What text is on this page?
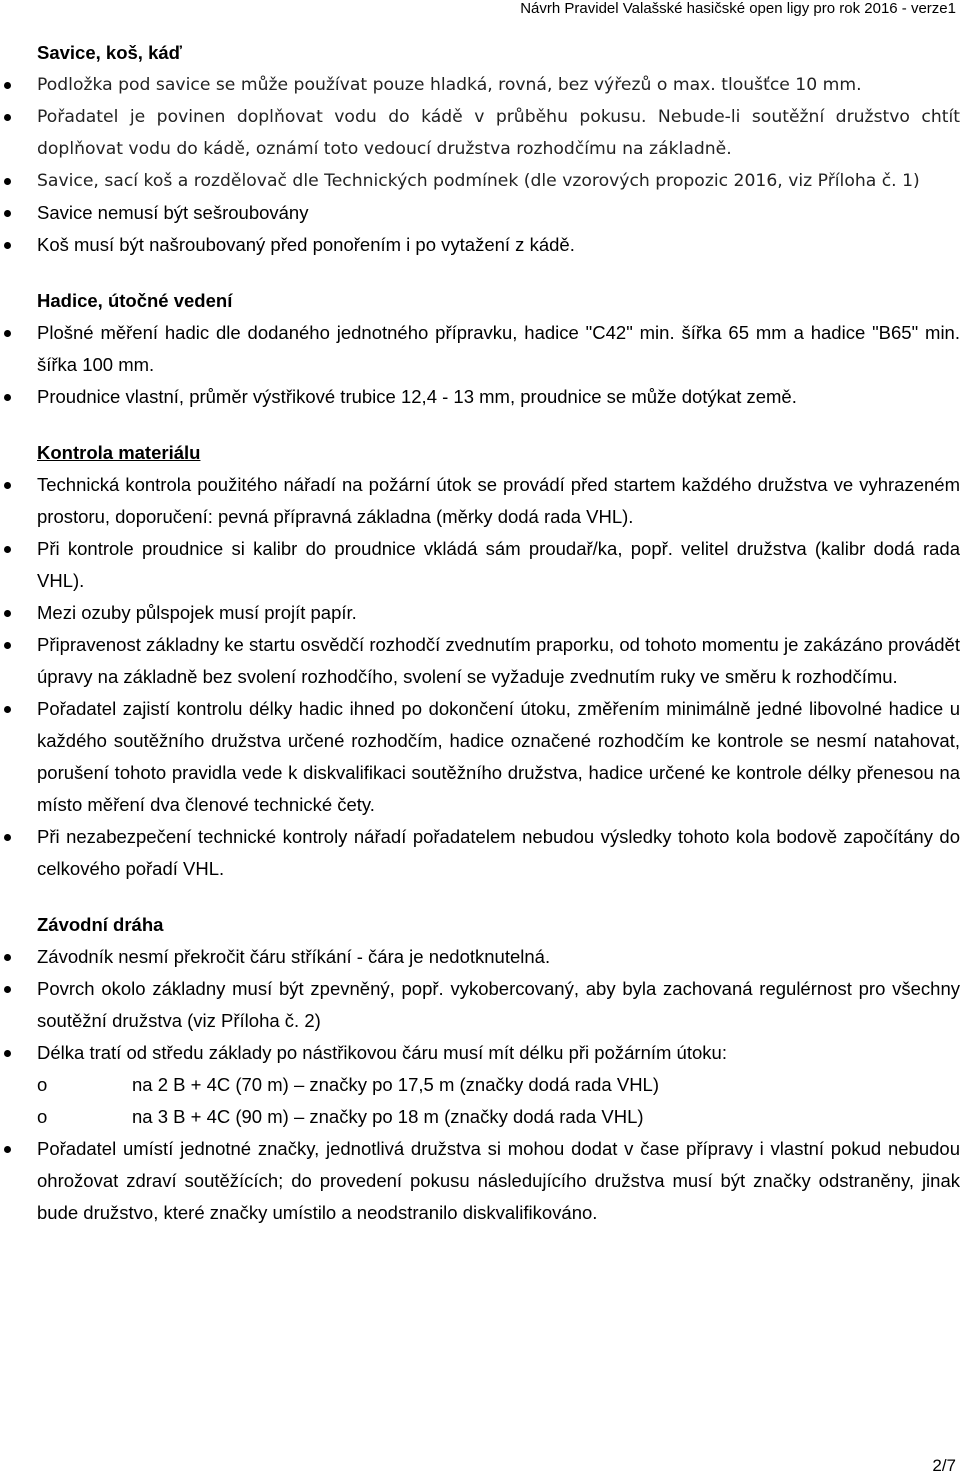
Návrh Pravidel Valašské hasičské open ligy pro rok 2016 - verze1
Savice, koš, káď
Podložka pod savice se může používat pouze hladká, rovná, bez výřezů o max. tloušťce 10 mm.
Pořadatel je povinen doplňovat vodu do kádě v průběhu pokusu. Nebude-li soutěžní družstvo chtít doplňovat vodu do kádě, oznámí toto vedoucí družstva rozhodčímu na základně.
Savice, sací koš a rozdělovač dle Technických podmínek (dle vzorových propozic 2016, viz Příloha č. 1)
Savice nemusí být sešroubovány
Koš musí být našroubovaný před ponořením i po vytažení z kádě.
Hadice, útočné vedení
Plošné měření hadic dle dodaného jednotného přípravku, hadice "C42" min. šířka 65 mm a hadice "B65" min. šířka 100 mm.
Proudnice vlastní, průměr výstřikové trubice 12,4 - 13 mm, proudnice se může dotýkat země.
Kontrola materiálu
Technická kontrola použitého nářadí na požární útok se provádí před startem každého družstva ve vyhrazeném prostoru, doporučení: pevná přípravná základna (měrky dodá rada VHL).
Při kontrole proudnice si kalibr do proudnice vkládá sám proudař/ka, popř. velitel družstva (kalibr dodá rada VHL).
Mezi ozuby půlspojek musí projít papír.
Připravenost základny ke startu osvědčí rozhodčí zvednutím praporku, od tohoto momentu je zakázáno provádět úpravy na základně bez svolení rozhodčího, svolení se vyžaduje zvednutím ruky ve směru k rozhodčímu.
Pořadatel zajistí kontrolu délky hadic ihned po dokončení útoku, změřením minimálně jedné libovolné hadice u každého soutěžního družstva určené rozhodčím, hadice označené rozhodčím ke kontrole se nesmí natahovat, porušení tohoto pravidla vede k diskvalifikaci soutěžního družstva, hadice určené ke kontrole délky přenesou na místo měření dva členové technické čety.
Při nezabezpečení technické kontroly nářadí pořadatelem nebudou výsledky tohoto kola bodově započítány do celkového pořadí VHL.
Závodní dráha
Závodník nesmí překročit čáru stříkání - čára je nedotknutelná.
Povrch okolo základny musí být zpevněný, popř. vykobercovaný, aby byla zachovaná regulérnost pro všechny soutěžní družstva (viz Příloha č. 2)
Délka tratí od středu základy po nástřikovou čáru musí mít délku při požárním útoku:
o	na 2 B + 4C (70 m) – značky po 17,5 m (značky dodá rada VHL)
o	na 3 B + 4C (90 m) – značky po 18 m (značky dodá rada VHL)
Pořadatel umístí jednotné značky, jednotlivá družstva si mohou dodat v čase přípravy i vlastní pokud nebudou ohrožovat zdraví soutěžících; do provedení pokusu následujícího družstva musí být značky odstraněny, jinak bude družstvo, které značky umístilo a neodstranilo diskvalifikováno.
2/7
